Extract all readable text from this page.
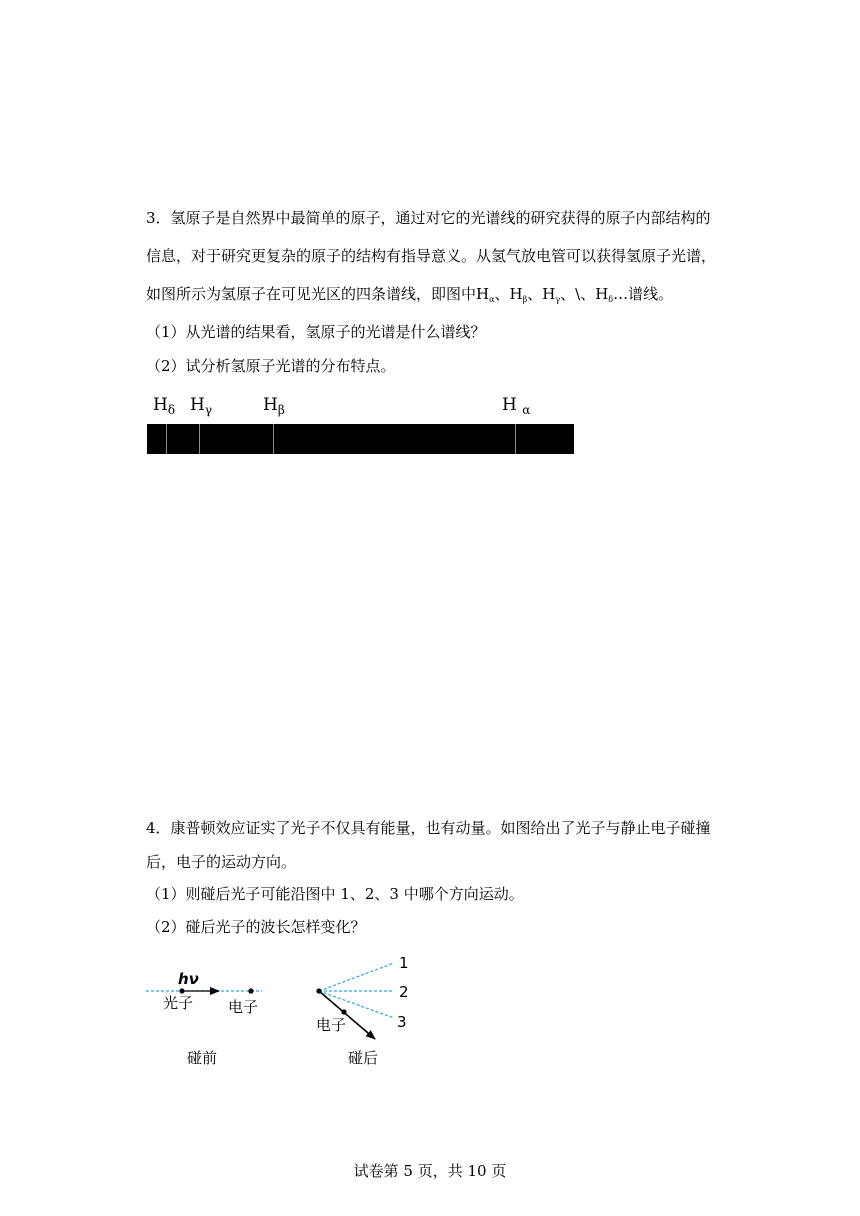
3．氢原子是自然界中最简单的原子，通过对它的光谱线的研究获得的原子内部结构的
信息，对于研究更复杂的原子的结构有指导意义。从氢气放电管可以获得氢原子光谱，
如图所示为氢原子在可见光区的四条谱线，即图中$H_\alpha$、$H_\beta$、$H_\gamma$、\、$H_\delta\dots$谱线。
（1）从光谱的结果看，氢原子的光谱是什么谱线？
（2）试分析氢原子光谱的分布特点。
$H_\delta$ $H_\gamma$	$H_\beta$	H $_\alpha$
4．康普顿效应证实了光子不仅具有能量，也有动量。如图给出了光子与静止电子碰撞
后，电子的运动方向。
（1）则碰后光子可能沿图中 1、2、3 中哪个方向运动。
（2）碰后光子的波长怎样变化？
hν
光子 电子
碰前
1
2
3
电子
碰后
试卷第 5 页，共 10 页
